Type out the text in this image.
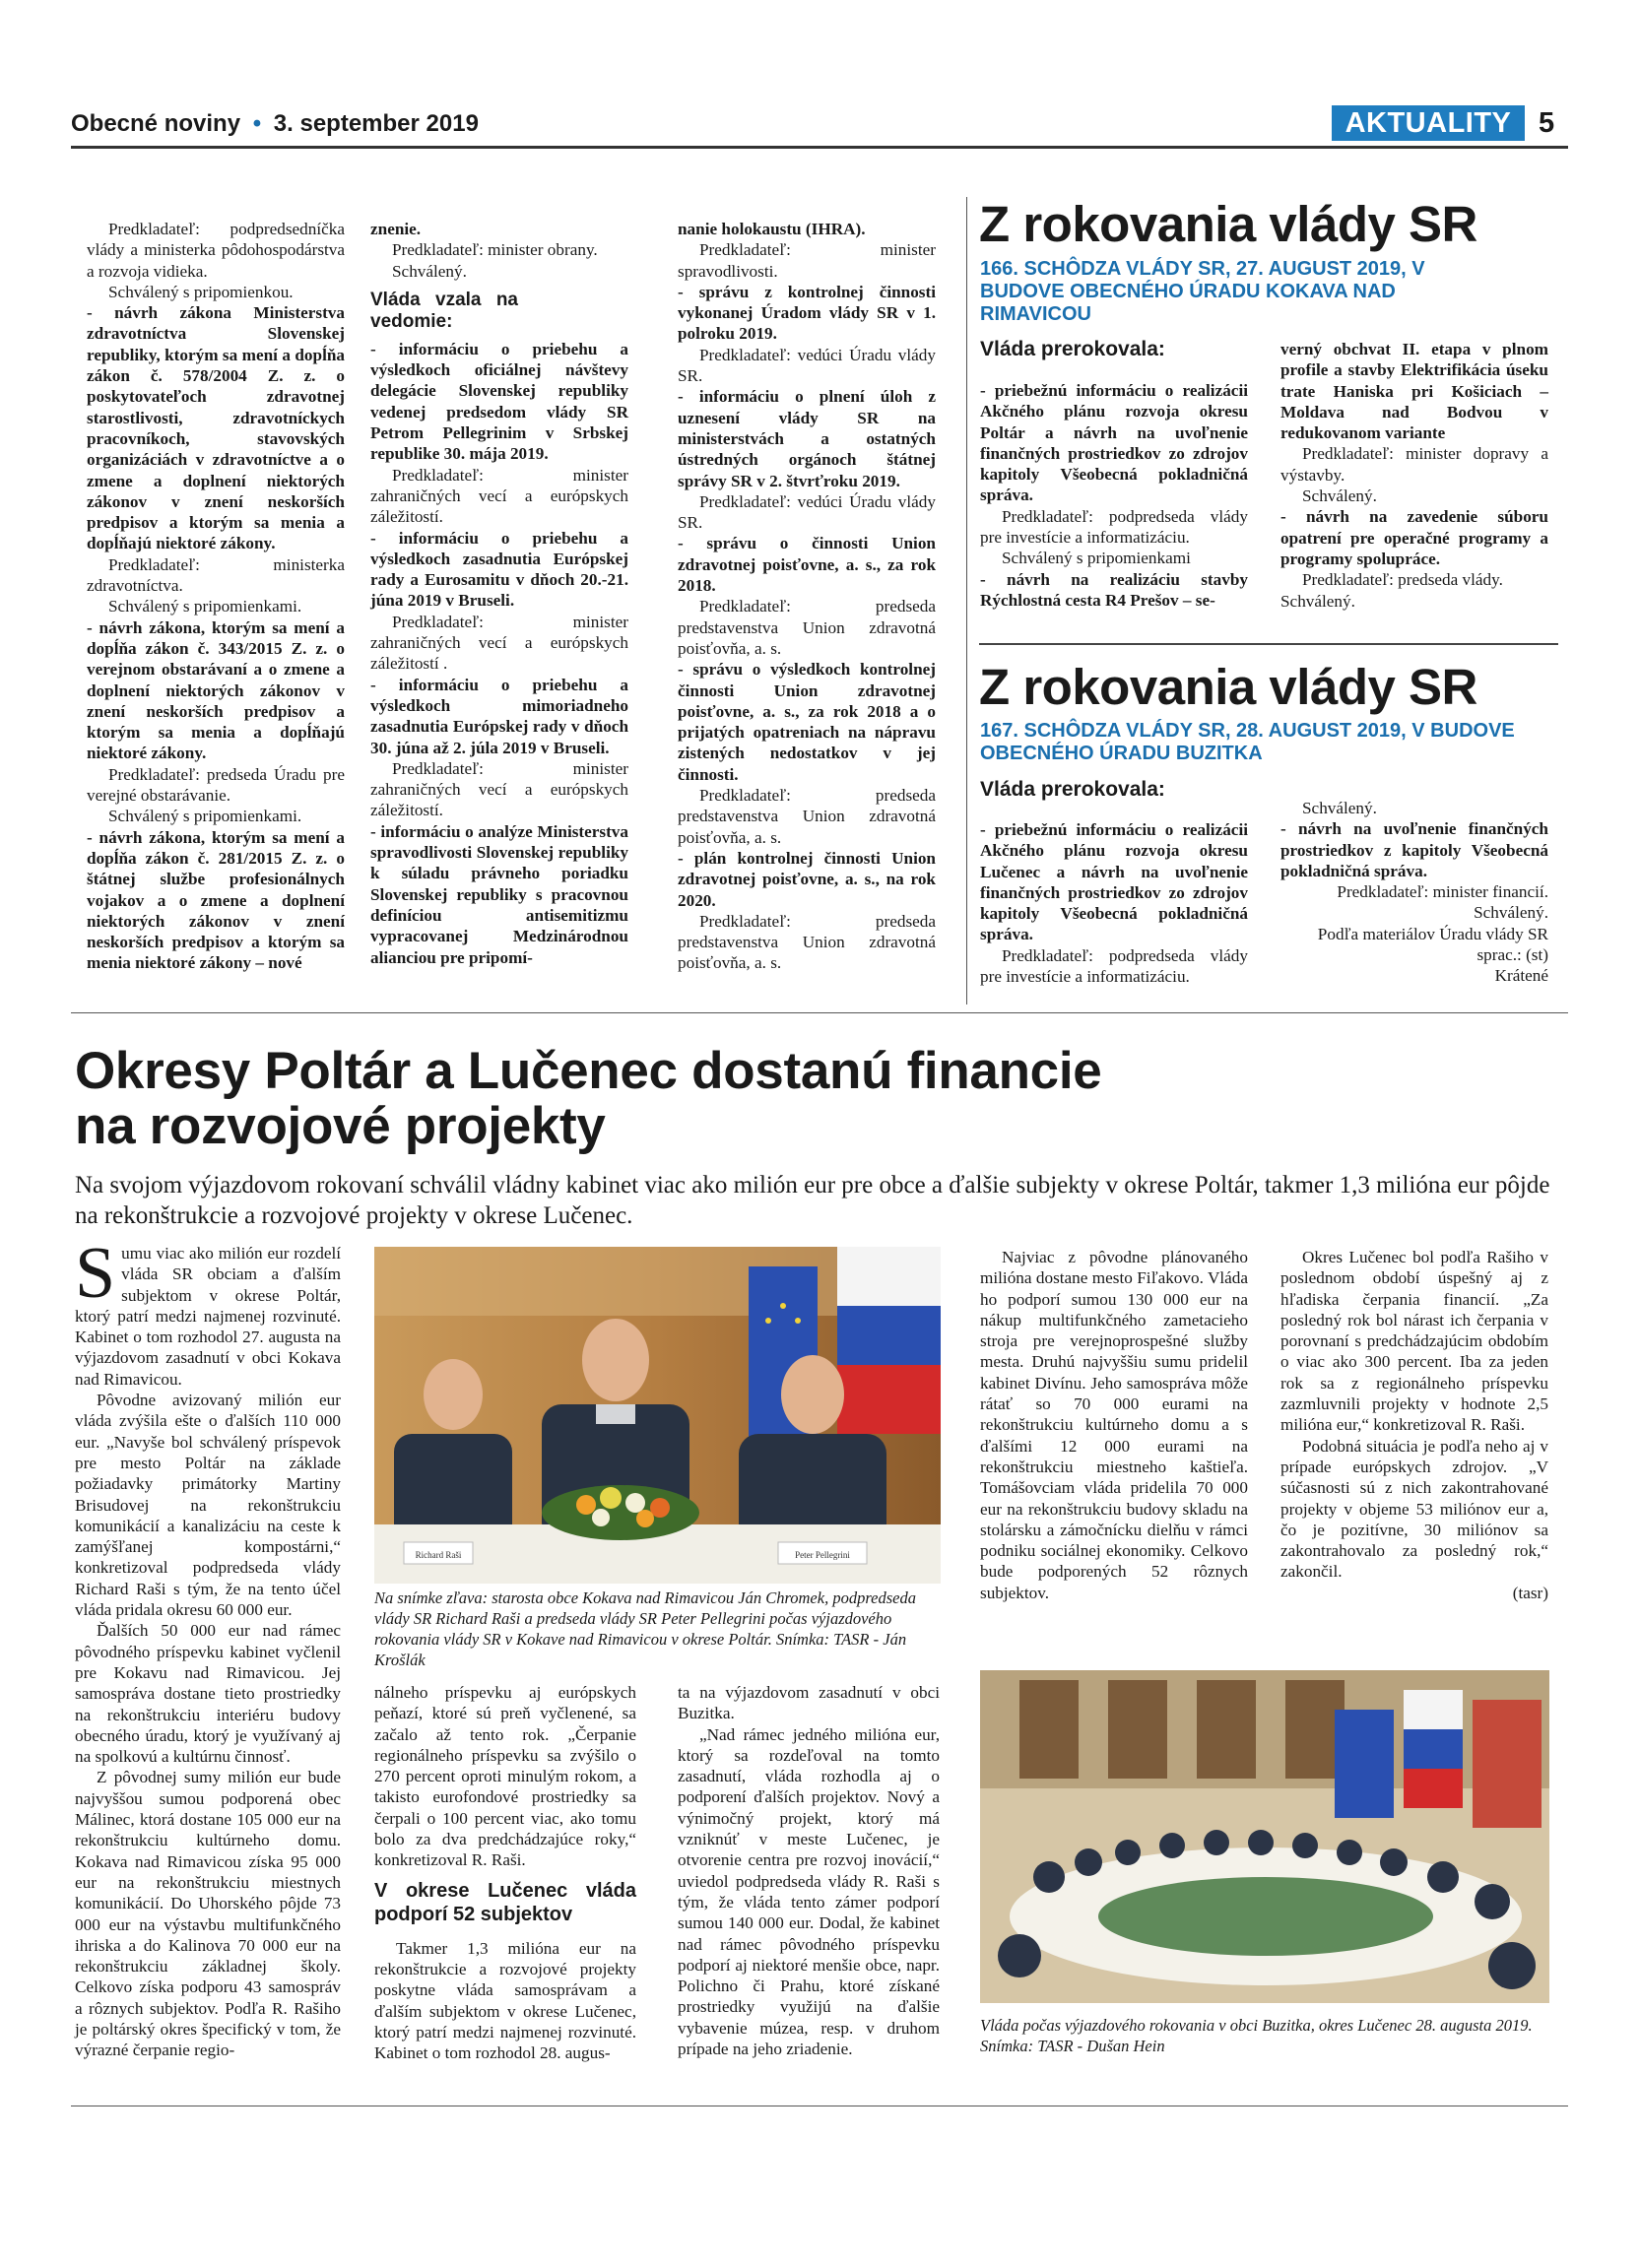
Obecné noviny • 3. september 2019	AKTUALITY 5

Predkladateľ: podpredsedníčka vlády a ministerka pôdohospodárstva a rozvoja vidieka.

Schválený s pripomienkou.

- návrh zákona Ministerstva zdravotníctva Slovenskej republiky, ktorým sa mení a dopĺňa zákon č. 578/2004 Z. z. o poskytovateľoch zdravotnej starostlivosti, zdravotníckych pracovníkoch, stavovských organizáciách v zdravotníctve a o zmene a doplnení niektorých zákonov v znení neskorších predpisov a ktorým sa menia a dopĺňajú niektoré zákony.

Predkladateľ: ministerka zdravotníctva.

Schválený s pripomienkami.

- návrh zákona, ktorým sa mení a dopĺňa zákon č. 343/2015 Z. z. o verejnom obstarávaní a o zmene a doplnení niektorých zákonov v znení neskorších predpisov a ktorým sa menia a dopĺňajú niektoré zákony.

Predkladateľ: predseda Úradu pre verejné obstarávanie.

Schválený s pripomienkami.

- návrh zákona, ktorým sa mení a dopĺňa zákon č. 281/2015 Z. z. o štátnej službe profesionálnych vojakov a o zmene a doplnení niektorých zákonov v znení neskorších predpisov a ktorým sa menia niektoré zákony – nové

znenie.

Predkladateľ: minister obrany.

Schválený.

Vláda vzala na vedomie:

- informáciu o priebehu a výsledkoch oficiálnej návštevy delegácie Slovenskej republiky vedenej predsedom vlády SR Petrom Pellegrinim v Srbskej republike 30. mája 2019.

Predkladateľ: minister zahraničných vecí a európskych záležitostí.

- informáciu o priebehu a výsledkoch zasadnutia Európskej rady a Eurosamitu v dňoch 20.-21. júna 2019 v Bruseli.

Predkladateľ: minister zahraničných vecí a európskych záležitostí .

- informáciu o priebehu a výsledkoch mimoriadneho zasadnutia Európskej rady v dňoch 30. júna až 2. júla 2019 v Bruseli.

Predkladateľ: minister zahraničných vecí a európskych záležitostí.

- informáciu o analýze Ministerstva spravodlivosti Slovenskej republiky k súladu právneho poriadku Slovenskej republiky s pracovnou definíciou antisemitizmu vypracovanej Medzinárodnou alianciou pre pripomí-

nanie holokaustu (IHRA).

Predkladateľ: minister spravodlivosti.

- správu z kontrolnej činnosti vykonanej Úradom vlády SR v 1. polroku 2019.

Predkladateľ: vedúci Úradu vlády SR.

- informáciu o plnení úloh z uznesení vlády SR na ministerstvách a ostatných ústredných orgánoch štátnej správy SR v 2. štvrťroku 2019.

Predkladateľ: vedúci Úradu vlády SR.

- správu o činnosti Union zdravotnej poisťovne, a. s., za rok 2018.

Predkladateľ: predseda predstavenstva Union zdravotná poisťovňa, a. s.

- správu o výsledkoch kontrolnej činnosti Union zdravotnej poisťovne, a. s., za rok 2018 a o prijatých opatreniach na nápravu zistených nedostatkov v jej činnosti.

Predkladateľ: predseda predstavenstva Union zdravotná poisťovňa, a. s.

- plán kontrolnej činnosti Union zdravotnej poisťovne, a. s., na rok 2020.

Predkladateľ: predseda predstavenstva Union zdravotná poisťovňa, a. s.

Z rokovania vlády SR
166. SCHÔDZA VLÁDY SR, 27. AUGUST 2019, V BUDOVE OBECNÉHO ÚRADU KOKAVA NAD RIMAVICOU
Vláda prerokovala:

- priebežnú informáciu o realizácii Akčného plánu rozvoja okresu Poltár a návrh na uvoľnenie finančných prostriedkov zo zdrojov kapitoly Všeobecná pokladničná správa.

Predkladateľ: podpredseda vlády pre investície a informatizáciu.

Schválený s pripomienkami

- návrh na realizáciu stavby Rýchlostná cesta R4 Prešov – se-

verný obchvat II. etapa v plnom profile a stavby Elektrifikácia úseku trate Haniska pri Košiciach – Moldava nad Bodvou v redukovanom variante

Predkladateľ: minister dopravy a výstavby.

Schválený.

- návrh na zavedenie súboru opatrení pre operačné programy a programy spolupráce.

Predkladateľ: predseda vlády.

Schválený.

Z rokovania vlády SR
167. SCHÔDZA VLÁDY SR, 28. AUGUST 2019, V BUDOVE OBECNÉHO ÚRADU BUZITKA
Vláda prerokovala:

- priebežnú informáciu o realizácii Akčného plánu rozvoja okresu Lučenec a návrh na uvoľnenie finančných prostriedkov zo zdrojov kapitoly Všeobecná pokladničná správa.

Predkladateľ: podpredseda vlády pre investície a informatizáciu.

Schválený.

- návrh na uvoľnenie finančných prostriedkov z kapitoly Všeobecná pokladničná správa.

Predkladateľ: minister financií.

Schválený.

Podľa materiálov Úradu vlády SR

sprac.: (st)

Krátené

Okresy Poltár a Lučenec dostanú financie
na rozvojové projekty
Na svojom výjazdovom rokovaní schválil vládny kabinet viac ako milión eur pre obce a ďalšie subjekty v okrese Poltár, takmer 1,3 milióna eur pôjde na rekonštrukcie a rozvojové projekty v okrese Lučenec.

Sumu viac ako milión eur rozdelí vláda SR obciam a ďalším subjektom v okrese Poltár, ktorý patrí medzi najmenej rozvinuté. Kabinet o tom rozhodol 27. augusta na výjazdovom zasadnutí v obci Kokava nad Rimavicou.

Pôvodne avizovaný milión eur vláda zvýšila ešte o ďalších 110 000 eur. „Navyše bol schválený príspevok pre mesto Poltár na základe požiadavky primátorky Martiny Brisudovej na rekonštrukciu komunikácií a kanalizáciu na ceste k zamýšľanej kompostárni,“ konkretizoval podpredseda vlády Richard Raši s tým, že na tento účel vláda pridala okresu 60 000 eur.

Ďalších 50 000 eur nad rámec pôvodného príspevku kabinet vyčlenil pre Kokavu nad Rimavicou. Jej samospráva dostane tieto prostriedky na rekonštrukciu interiéru budovy obecného úradu, ktorý je využívaný aj na spolkovú a kultúrnu činnosť.

Z pôvodnej sumy milión eur bude najvyššou sumou podporená obec Málinec, ktorá dostane 105 000 eur na rekonštrukciu kultúrneho domu. Kokava nad Rimavicou získa 95 000 eur na rekonštrukciu miestnych komunikácií. Do Uhorského pôjde 73 000 eur na výstavbu multifunkčného ihriska a do Kalinova 70 000 eur na rekonštrukciu základnej školy. Celkovo získa podporu 43 samospráv a rôznych subjektov. Podľa R. Rašiho je poltárský okres špecifický v tom, že výrazné čerpanie regio-

Richard Raši	Peter Pellegrini
Na snímke zľava: starosta obce Kokava nad Rimavicou Ján Chromek, podpredseda vlády SR Richard Raši a predseda vlády SR Peter Pellegrini počas výjazdového rokovania vlády SR v Kokave nad Rimavicou v okrese Poltár. Snímka: TASR - Ján Krošlák

nálneho príspevku aj európskych peňazí, ktoré sú preň vyčlenené, sa začalo až tento rok. „Čerpanie regionálneho príspevku sa zvýšilo o 270 percent oproti minulým rokom, a takisto eurofondové prostriedky sa čerpali o 100 percent viac, ako tomu bolo za dva predchádzajúce roky,“ konkretizoval R. Raši.

V okrese Lučenec vláda podporí 52 subjektov

Takmer 1,3 milióna eur na rekonštrukcie a rozvojové projekty poskytne vláda samosprávam a ďalším subjektom v okrese Lučenec, ktorý patrí medzi najmenej rozvinuté. Kabinet o tom rozhodol 28. augus-

ta na výjazdovom zasadnutí v obci Buzitka.

„Nad rámec jedného milióna eur, ktorý sa rozdeľoval na tomto zasadnutí, vláda rozhodla aj o podporení ďalších projektov. Nový a výnimočný projekt, ktorý má vzniknúť v meste Lučenec, je otvorenie centra pre rozvoj inovácií,“ uviedol podpredseda vlády R. Raši s tým, že vláda tento zámer podporí sumou 140 000 eur. Dodal, že kabinet nad rámec pôvodného príspevku podporí aj niektoré menšie obce, napr. Polichno či Prahu, ktoré získané prostriedky využijú na ďalšie vybavenie múzea, resp. v druhom prípade na jeho zriadenie.

Najviac z pôvodne plánovaného milióna dostane mesto Fiľakovo. Vláda ho podporí sumou 130 000 eur na nákup multifunkčného zametacieho stroja pre verejnoprospešné služby mesta. Druhú najvyššiu sumu pridelil kabinet Divínu. Jeho samospráva môže rátať so 70 000 eurami na rekonštrukciu kultúrneho domu a s ďalšími 12 000 eurami na rekonštrukciu miestneho kaštieľa. Tomášovciam vláda pridelila 70 000 eur na rekonštrukciu budovy skladu na stolársku a zámočnícku dielňu v rámci podniku sociálnej ekonomiky. Celkovo bude podporených 52 rôznych subjektov.

Okres Lučenec bol podľa Rašiho v poslednom období úspešný aj z hľadiska čerpania financií. „Za posledný rok bol nárast ich čerpania v porovnaní s predchádzajúcim obdobím o viac ako 300 percent. Iba za jeden rok sa z regionálneho príspevku zazmluvnili projekty v hodnote 2,5 milióna eur,“ konkretizoval R. Raši.

Podobná situácia je podľa neho aj v prípade európskych zdrojov. „V súčasnosti sú z nich zakontrahované projekty v objeme 53 miliónov eur a, čo je pozitívne, 30 miliónov sa zakontrahovalo za posledný rok,“ zakončil.

(tasr)

Vláda počas výjazdového rokovania v obci Buzitka, okres Lučenec 28. augusta 2019. Snímka: TASR - Dušan Hein
